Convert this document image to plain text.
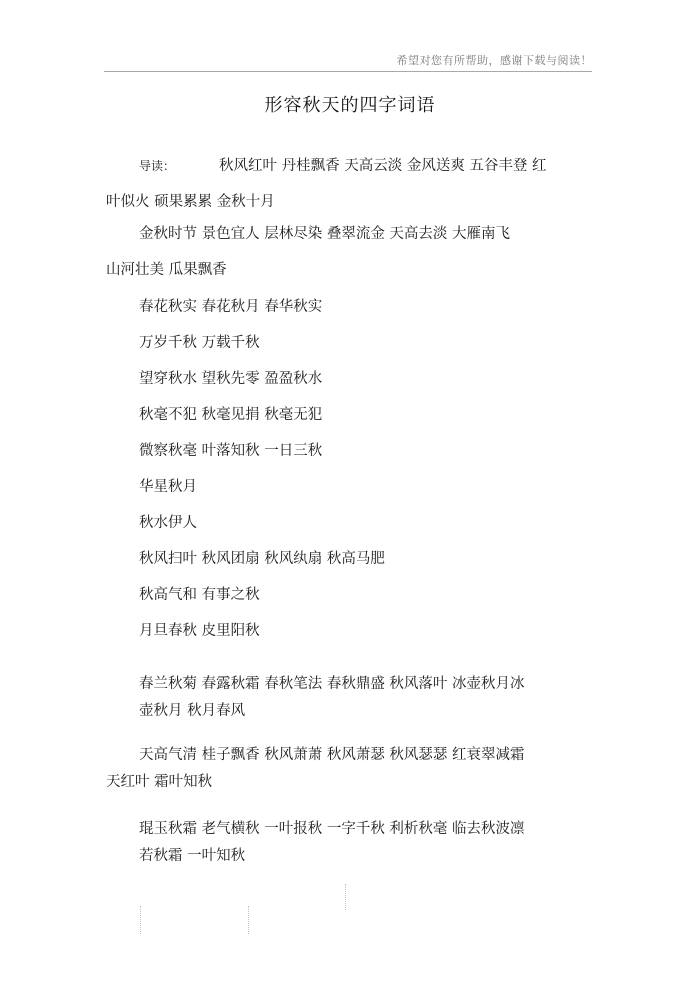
希望对您有所帮助，感谢下载与阅读！
形容秋天的四字词语
导读：	秋风红叶 丹桂飘香 天高云淡 金风送爽 五谷丰登 红
叶似火 硕果累累 金秋十月
金秋时节 景色宜人 层林尽染 叠翠流金 天高去淡 大雁南飞
山河壮美 瓜果飘香
春花秋实 春花秋月 春华秋实
万岁千秋 万载千秋
望穿秋水 望秋先零 盈盈秋水
秋毫不犯 秋毫见捐 秋毫无犯
微察秋毫 叶落知秋 一日三秋
华星秋月
秋水伊人
秋风扫叶 秋风团扇 秋风纨扇 秋高马肥
秋高气和 有事之秋
月旦春秋 皮里阳秋
春兰秋菊 春露秋霜 春秋笔法 春秋鼎盛 秋风落叶 冰壶秋月冰
壶秋月 秋月春风
天高气清 桂子飘香 秋风萧萧 秋风萧瑟 秋风瑟瑟 红衰翠减霜
天红叶 霜叶知秋
琨玉秋霜 老气横秋 一叶报秋 一字千秋 利析秋毫 临去秋波凛
若秋霜 一叶知秋
